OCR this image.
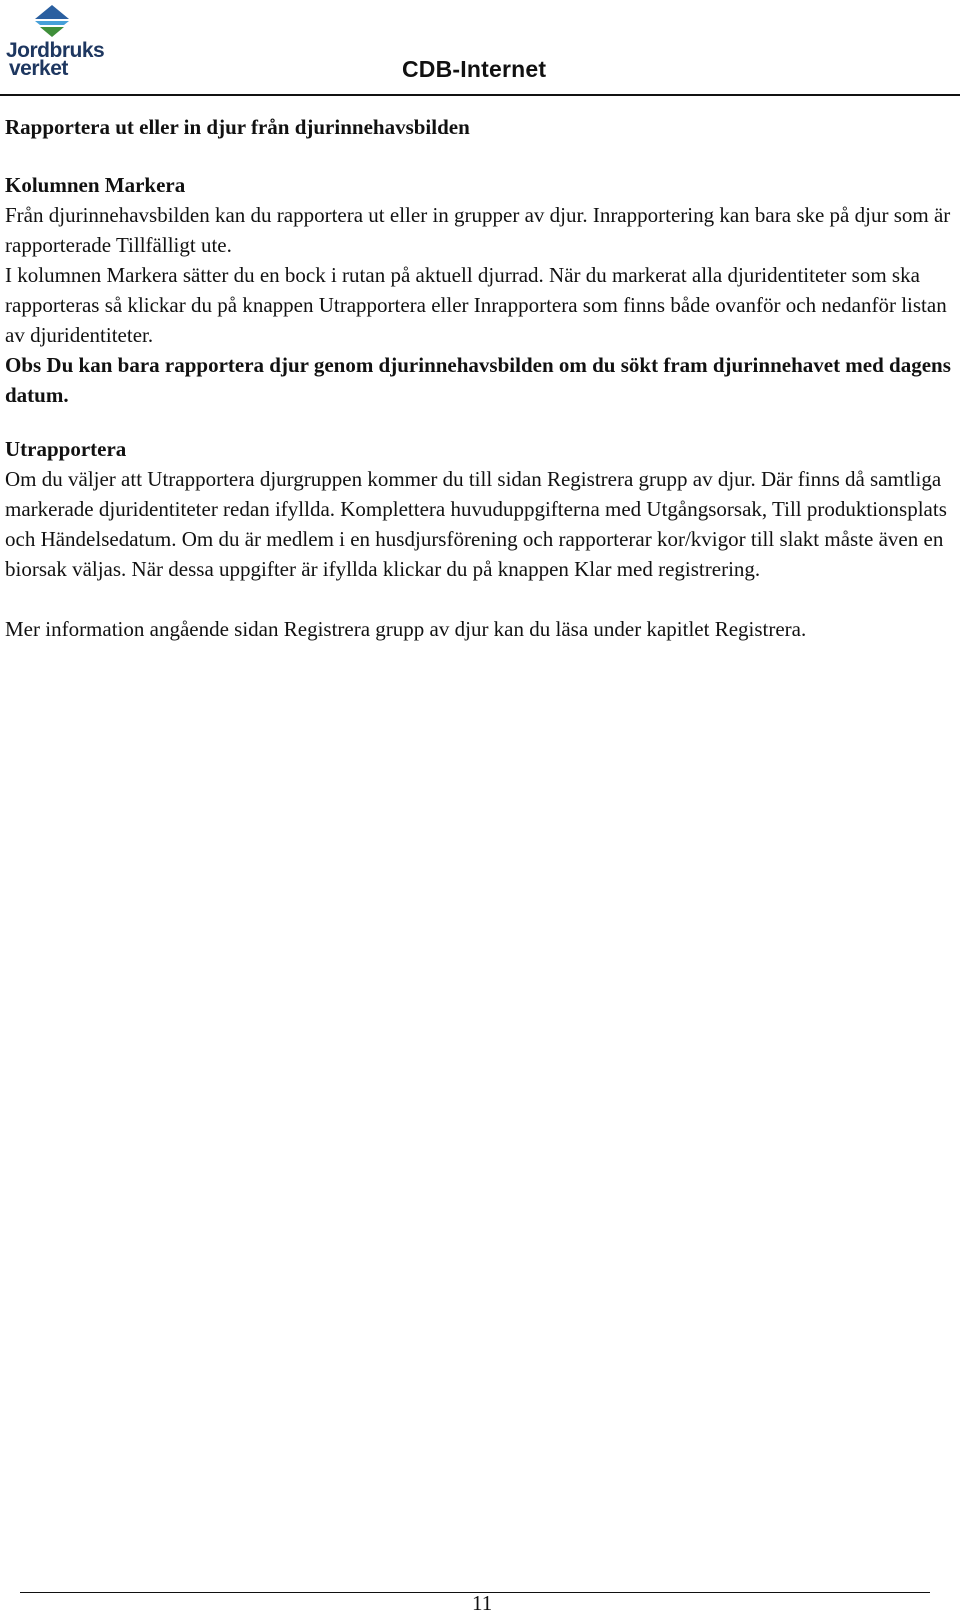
Jordbruks
verket	CDB-Internet

Rapportera ut eller in djur från djurinnehavsbilden

Kolumnen Markera

Från djurinnehavsbilden kan du rapportera ut eller in grupper av djur. Inrapportering kan bara ske på djur som är rapporterade Tillfälligt ute.

I kolumnen Markera sätter du en bock i rutan på aktuell djurrad. När du markerat alla djuridentiteter som ska rapporteras så klickar du på knappen Utrapportera eller Inrapportera som finns både ovanför och nedanför listan av djuridentiteter.

Obs Du kan bara rapportera djur genom djurinnehavsbilden om du sökt fram djurinnehavet med dagens datum.

Utrapportera

Om du väljer att Utrapportera djurgruppen kommer du till sidan Registrera grupp av djur. Där finns då samtliga markerade djuridentiteter redan ifyllda. Komplettera huvuduppgifterna med Utgångsorsak, Till produktionsplats och Händelsedatum. Om du är medlem i en husdjursförening och rapporterar kor/kvigor till slakt måste även en biorsak väljas. När dessa uppgifter är ifyllda klickar du på knappen Klar med registrering.

Mer information angående sidan Registrera grupp av djur kan du läsa under kapitlet Registrera.

11
